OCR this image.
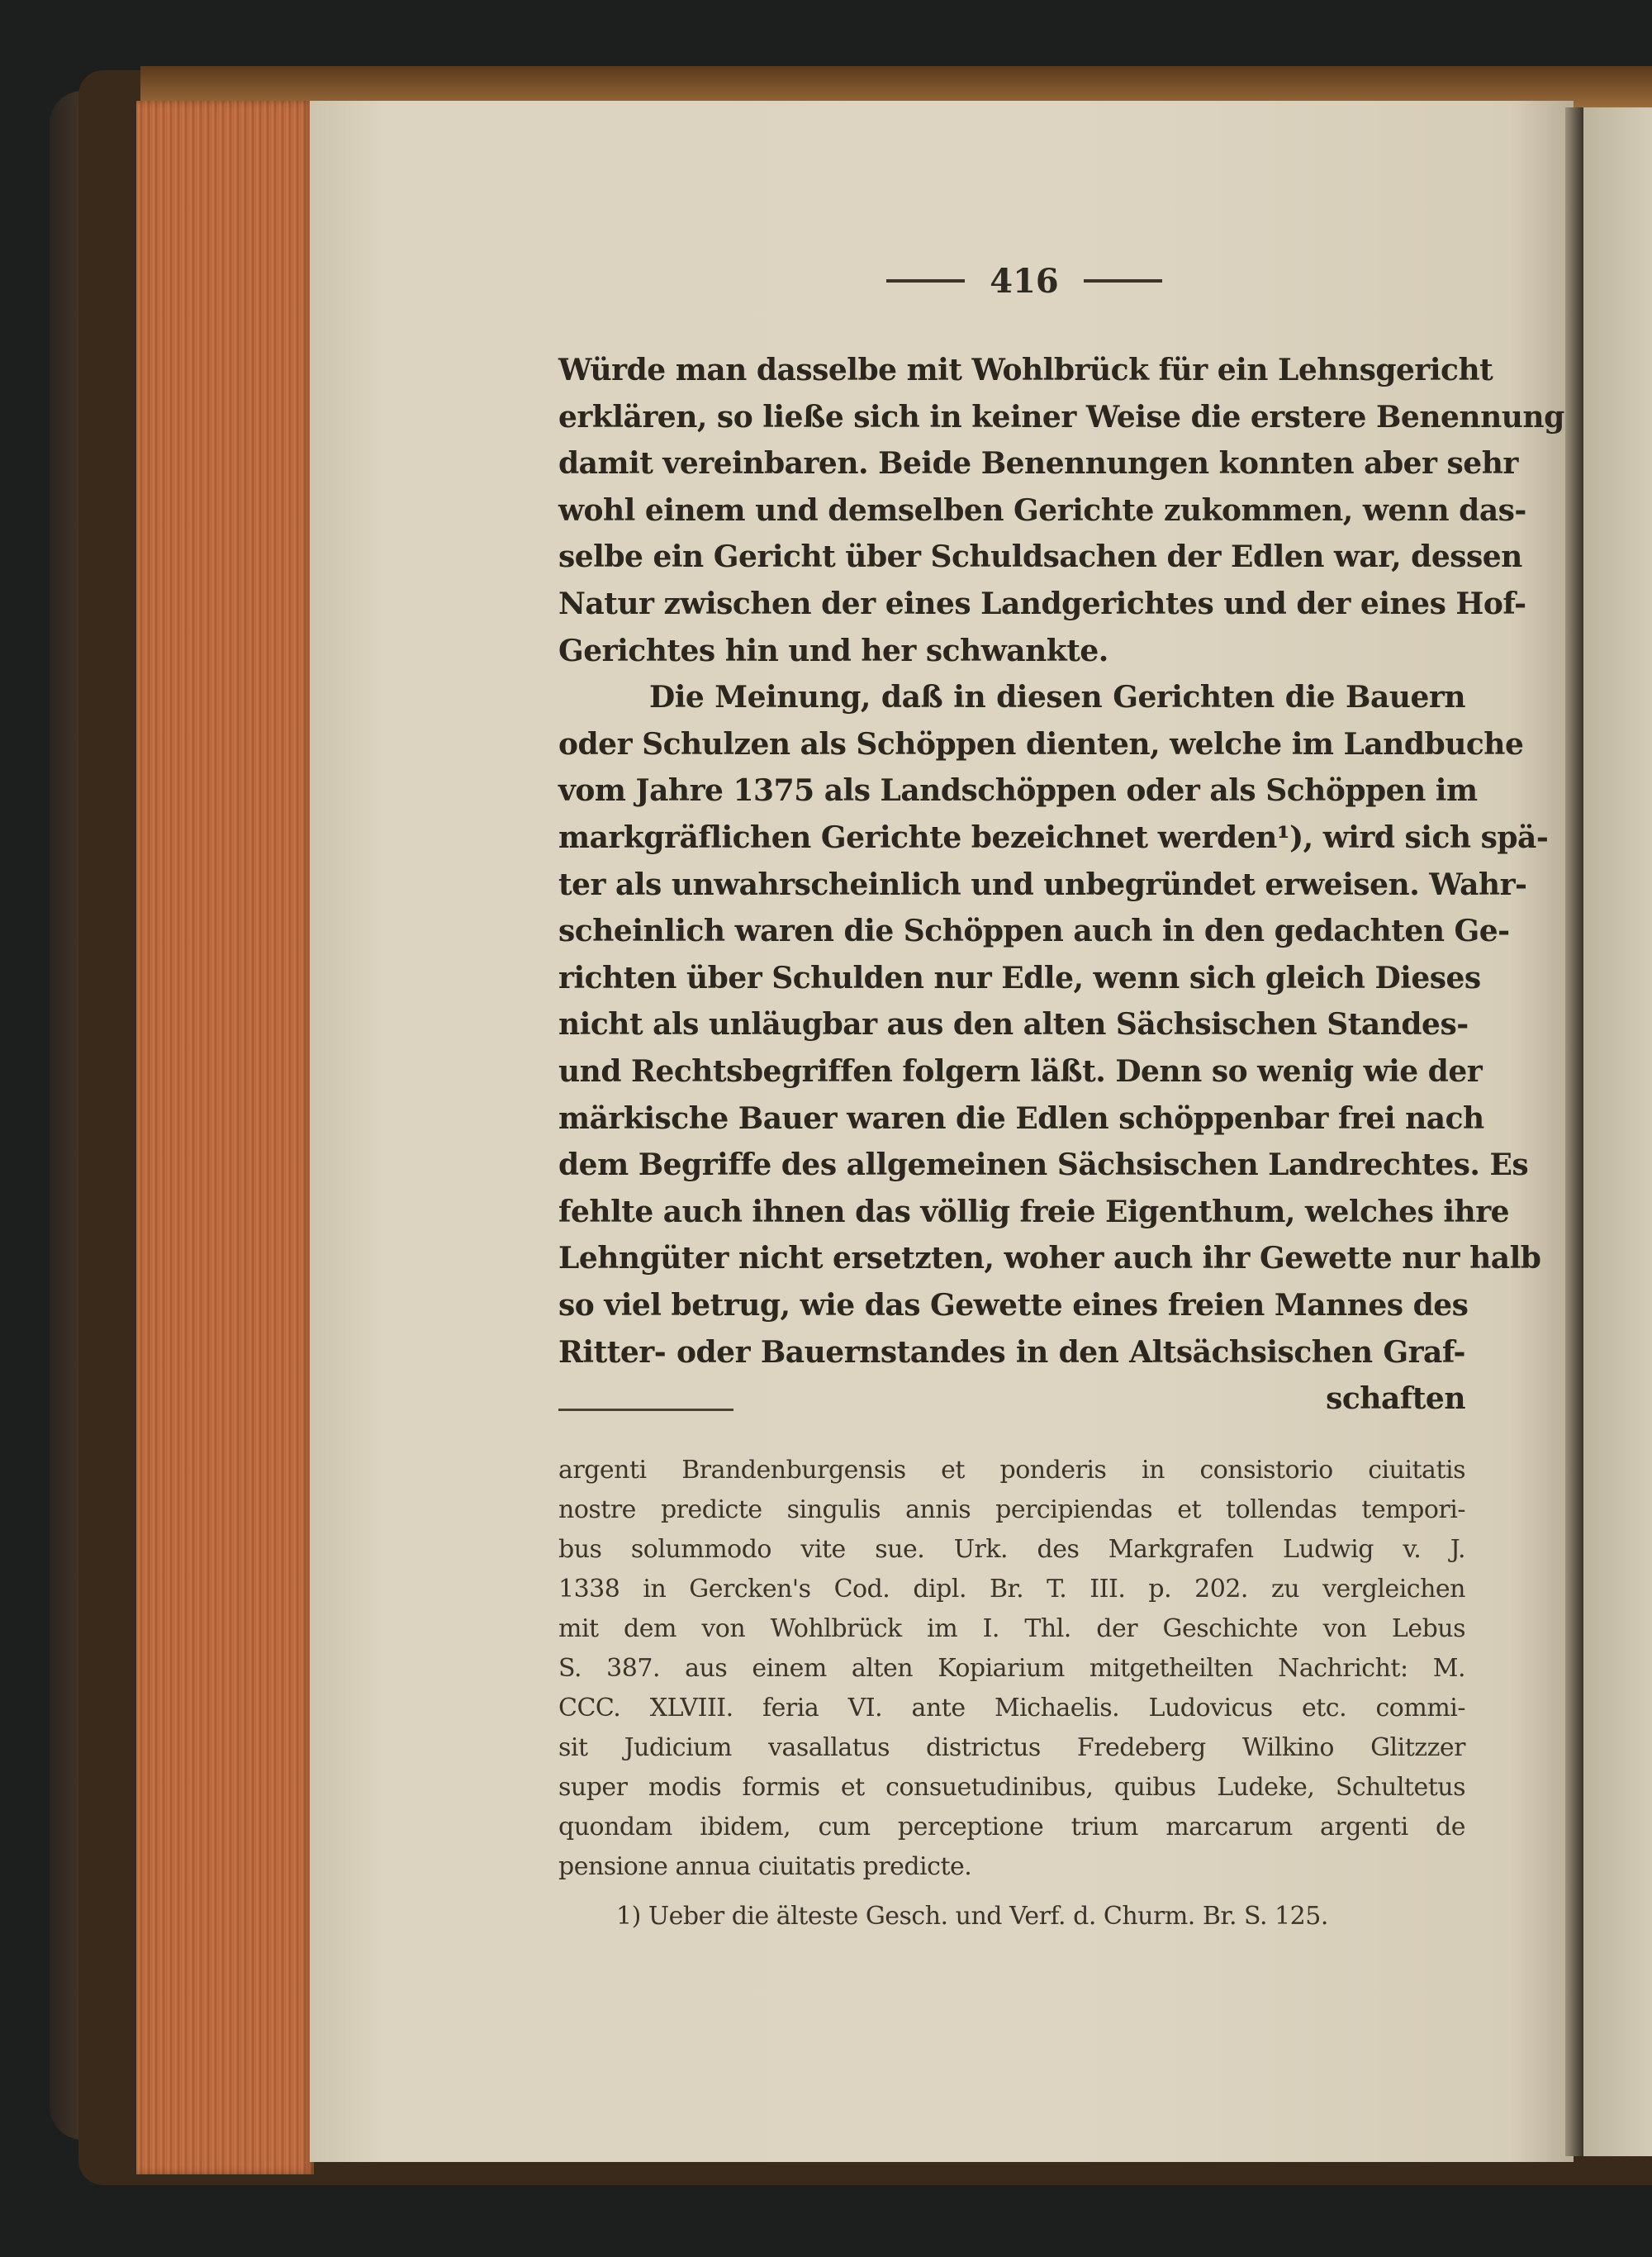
416
Würde man dasselbe mit Wohlbrück für ein Lehnsgericht
erklären, so ließe sich in keiner Weise die erstere Benennung
damit vereinbaren. Beide Benennungen konnten aber sehr
wohl einem und demselben Gerichte zukommen, wenn das-
selbe ein Gericht über Schuldsachen der Edlen war, dessen
Natur zwischen der eines Landgerichtes und der eines Hof-
Gerichtes hin und her schwankte.
Die Meinung, daß in diesen Gerichten die Bauern
oder Schulzen als Schöppen dienten, welche im Landbuche
vom Jahre 1375 als Landschöppen oder als Schöppen im
markgräflichen Gerichte bezeichnet werden¹), wird sich spä-
ter als unwahrscheinlich und unbegründet erweisen. Wahr-
scheinlich waren die Schöppen auch in den gedachten Ge-
richten über Schulden nur Edle, wenn sich gleich Dieses
nicht als unläugbar aus den alten Sächsischen Standes-
und Rechtsbegriffen folgern läßt. Denn so wenig wie der
märkische Bauer waren die Edlen schöppenbar frei nach
dem Begriffe des allgemeinen Sächsischen Landrechtes. Es
fehlte auch ihnen das völlig freie Eigenthum, welches ihre
Lehngüter nicht ersetzten, woher auch ihr Gewette nur halb
so viel betrug, wie das Gewette eines freien Mannes des
Ritter- oder Bauernstandes in den Altsächsischen Graf-
schaften
argenti Brandenburgensis et ponderis in consistorio ciuitatis
nostre predicte singulis annis percipiendas et tollendas tempori-
bus solummodo vite sue. Urk. des Markgrafen Ludwig v. J.
1338 in Gercken's Cod. dipl. Br. T. III. p. 202. zu vergleichen
mit dem von Wohlbrück im I. Thl. der Geschichte von Lebus
S. 387. aus einem alten Kopiarium mitgetheilten Nachricht: M.
CCC. XLVIII. feria VI. ante Michaelis. Ludovicus etc. commi-
sit Judicium vasallatus districtus Fredeberg Wilkino Glitzzer
super modis formis et consuetudinibus, quibus Ludeke, Schultetus
quondam ibidem, cum perceptione trium marcarum argenti de
pensione annua ciuitatis predicte.
1) Ueber die älteste Gesch. und Verf. d. Churm. Br. S. 125.
